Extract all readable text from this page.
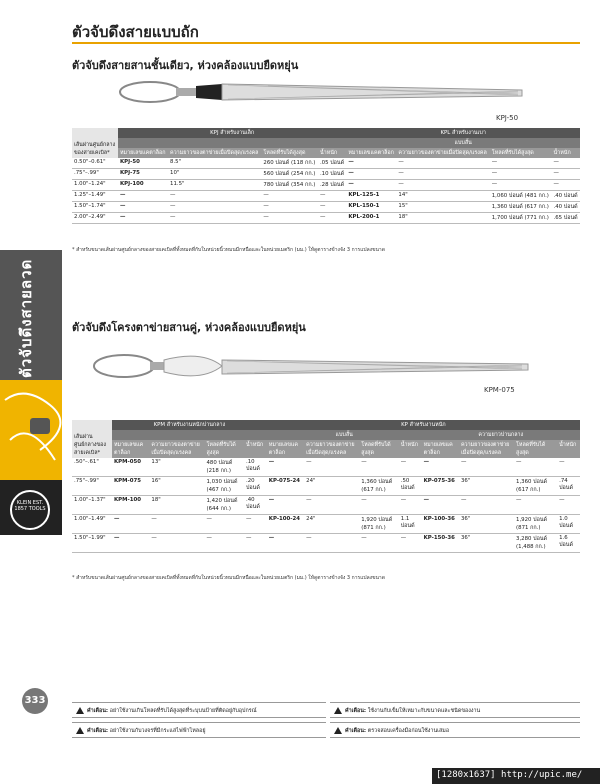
ตัวจับดึงสายแบบถัก
ตัวจับดึงสายลวด
KLEIN EST. 1857 TOOLS
333
ตัวจับดึงสายสานชั้นเดียว, ห่วงคล้องแบบยืดหยุ่น
KPJ-50
เส้นผ่านศูนย์กลางของสายเคเบิล*	KPJ สำหรับงานเล็ก				KPL สำหรับงานเบา			
					แบบสั้น			
	หมายเลขแคตาล็อก	ความยาวของตาข่ายเมื่อปิดสุด/แรงคล	โหลดที่รับได้สูงสุด	น้ำหนัก	หมายเลขแคตาล็อก	ความยาวของตาข่ายเมื่อปิดสุด/แรงคล	โหลดที่รับได้สูงสุด	น้ำหนัก
0.50"–0.61"	KPJ-50	8.5"	260 ปอนด์ (118 กก.)	.05 ปอนด์	—	—	—	—
.75"–.99"	KPJ-75	10"	560 ปอนด์ (254 กก.)	.10 ปอนด์	—	—	—	—
1.00"–1.24"	KPJ-100	11.5"	780 ปอนด์ (354 กก.)	.28 ปอนด์	—	—	—	—
1.25"–1.49"	—	—	—	—	KPL-125-1	14"	1,060 ปอนด์ (481 กก.)	.40 ปอนด์
1.50"–1.74"	—	—	—	—	KPL-150-1	15"	1,360 ปอนด์ (617 กก.)	.40 ปอนด์
2.00"–2.49"	—	—	—	—	KPL-200-1	18"	1,700 ปอนด์ (771 กก.)	.65 ปอนด์
* สำหรับขนาดเส้นผ่านศูนย์กลางของสายเคเบิลที่ทั้งหมดที่กับในหน่วยนิ้วหมนมีกหนือและในหน่วยเมตริก (มม.) ให้ดูตารางข้างจัง 3 การแปลงขนาด
ตัวจับดึงโครงตาข่ายสานคู่, ห่วงคล้องแบบยืดหยุ่น
KPM-075
เส้นผ่านศูนย์กลางของสายเคเบิล*	KPM สำหรับงานหนักปานกลาง				KP สำหรับงานหนัก							
					แบบสั้น				ความยาวปานกลาง			
	หมายเลขแคตาล็อก	ความยาวของตาข่ายเมื่อปิดสุด/แรงคล	โหลดที่รับได้สูงสุด	น้ำหนัก	หมายเลขแคตาล็อก	ความยาวของตาข่ายเมื่อปิดสุด/แรงคล	โหลดที่รับได้สูงสุด	น้ำหนัก	หมายเลขแคตาล็อก	ความยาวของตาข่ายเมื่อปิดสุด/แรงคล	โหลดที่รับได้สูงสุด	น้ำหนัก
.50"–.61"	KPM-050	13"	480 ปอนด์ (218 กก.)	.10 ปอนด์	—	—	—	—	—	—	—	—
.75"–.99"	KPM-075	16"	1,030 ปอนด์ (467 กก.)	.20 ปอนด์	KP-075-24	24"	1,360 ปอนด์ (617 กก.)	.50 ปอนด์	KP-075-36	36"	1,360 ปอนด์ (617 กก.)	.74 ปอนด์
1.00"–1.37"	KPM-100	18"	1,420 ปอนด์ (644 กก.)	.40 ปอนด์	—	—	—	—	—	—	—	—
1.00"–1.49"	—	—	—	—	KP-100-24	24"	1,920 ปอนด์ (871 กก.)	1.1 ปอนด์	KP-100-36	36"	1,920 ปอนด์ (871 กก.)	1.0 ปอนด์
1.50"–1.99"	—	—	—	—	—	—	—	—	KP-150-36	36"	3,280 ปอนด์ (1,488 กก.)	1.6 ปอนด์
* สำหรับขนาดเส้นผ่านศูนย์กลางของสายเคเบิลที่ทั้งหมดที่กับในหน่วยนิ้วหมนมีกหนือและในหน่วยเมตริก (มม.) ให้ดูตารางข้างจัง 3 การแปลงขนาด
คำเตือน: อย่าใช้งานเกินโหลดที่รับได้สูงสุดที่ระบุบนป้ายที่ติดอยู่กับอุปกรณ์	คำเตือน: ใช้งานกับเข็มให้เหมาะกับขนาดและชนิดของงาน
คำเตือน: อย่าใช้งานกับวงจรที่มีกระแสไฟฟ้าไหลอยู่	คำเตือน: ตรวจสอบเครื่องมือก่อนใช้งานเสมอ
[1280x1637] http://upic.me/
